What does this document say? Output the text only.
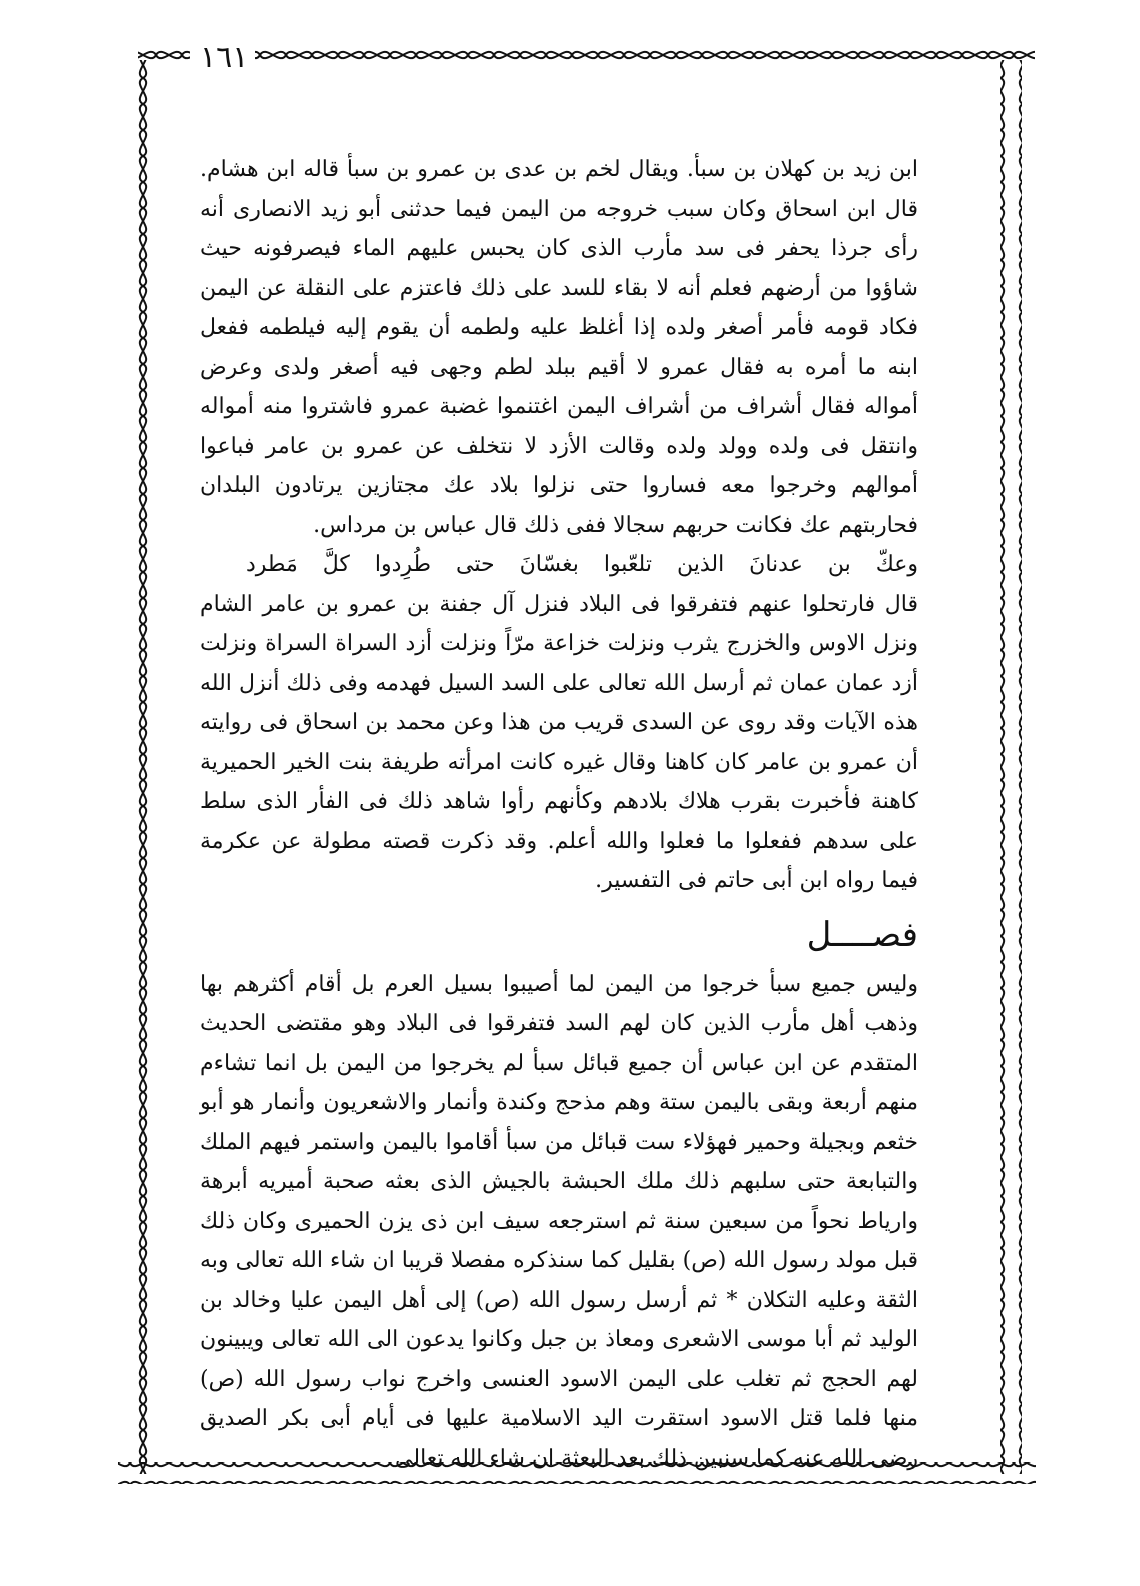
١٦١

ابن زيد بن كهلان بن سبأ. ويقال لخم بن عدى بن عمرو بن سبأ قاله ابن هشام. قال ابن اسحاق وكان سبب خروجه من اليمن فيما حدثنى أبو زيد الانصارى أنه رأى جرذا يحفر فى سد مأرب الذى كان يحبس عليهم الماء فيصرفونه حيث شاؤوا من أرضهم فعلم أنه لا بقاء للسد على ذلك فاعتزم على النقلة عن اليمن فكاد قومه فأمر أصغر ولده إذا أغلظ عليه ولطمه أن يقوم إليه فيلطمه ففعل ابنه ما أمره به فقال عمرو لا أقيم ببلد لطم وجهى فيه أصغر ولدى وعرض أمواله فقال أشراف من أشراف اليمن اغتنموا غضبة عمرو فاشتروا منه أمواله وانتقل فى ولده وولد ولده وقالت الأزد لا نتخلف عن عمرو بن عامر فباعوا أموالهم وخرجوا معه فساروا حتى نزلوا بلاد عك مجتازين يرتادون البلدان فحاربتهم عك فكانت حربهم سجالا ففى ذلك قال عباس بن مرداس.

وعكّ بن عدنانَ الذين تلعّبوا بغسّانَ حتى طُرِدوا كلَّ مَطرد

قال فارتحلوا عنهم فتفرقوا فى البلاد فنزل آل جفنة بن عمرو بن عامر الشام ونزل الاوس والخزرج يثرب ونزلت خزاعة مرّاً ونزلت أزد السراة السراة ونزلت أزد عمان عمان ثم أرسل الله تعالى على السد السيل فهدمه وفى ذلك أنزل الله هذه الآيات وقد روى عن السدى قريب من هذا وعن محمد بن اسحاق فى روايته أن عمرو بن عامر كان كاهنا وقال غيره كانت امرأته طريفة بنت الخير الحميرية كاهنة فأخبرت بقرب هلاك بلادهم وكأنهم رأوا شاهد ذلك فى الفأر الذى سلط على سدهم ففعلوا ما فعلوا والله أعلم. وقد ذكرت قصته مطولة عن عكرمة فيما رواه ابن أبى حاتم فى التفسير.

فصــــل

وليس جميع سبأ خرجوا من اليمن لما أصيبوا بسيل العرم بل أقام أكثرهم بها وذهب أهل مأرب الذين كان لهم السد فتفرقوا فى البلاد وهو مقتضى الحديث المتقدم عن ابن عباس أن جميع قبائل سبأ لم يخرجوا من اليمن بل انما تشاءم منهم أربعة وبقى باليمن ستة وهم مذحج وكندة وأنمار والاشعريون وأنمار هو أبو خثعم وبجيلة وحمير فهؤلاء ست قبائل من سبأ أقاموا باليمن واستمر فيهم الملك والتبابعة حتى سلبهم ذلك ملك الحبشة بالجيش الذى بعثه صحبة أميريه أبرهة وارياط نحواً من سبعين سنة ثم استرجعه سيف ابن ذى يزن الحميرى وكان ذلك قبل مولد رسول الله (ص) بقليل كما سنذكره مفصلا قريبا ان شاء الله تعالى وبه الثقة وعليه التكلان * ثم أرسل رسول الله (ص) إلى أهل اليمن عليا وخالد بن الوليد ثم أبا موسى الاشعرى ومعاذ بن جبل وكانوا يدعون الى الله تعالى ويبينون لهم الحجج ثم تغلب على اليمن الاسود العنسى واخرج نواب رسول الله (ص) منها فلما قتل الاسود استقرت اليد الاسلامية عليها فى أيام أبى بكر الصديق رضى الله عنه كما سنبين ذلك بعد البعثة ان شاء الله تعالى
